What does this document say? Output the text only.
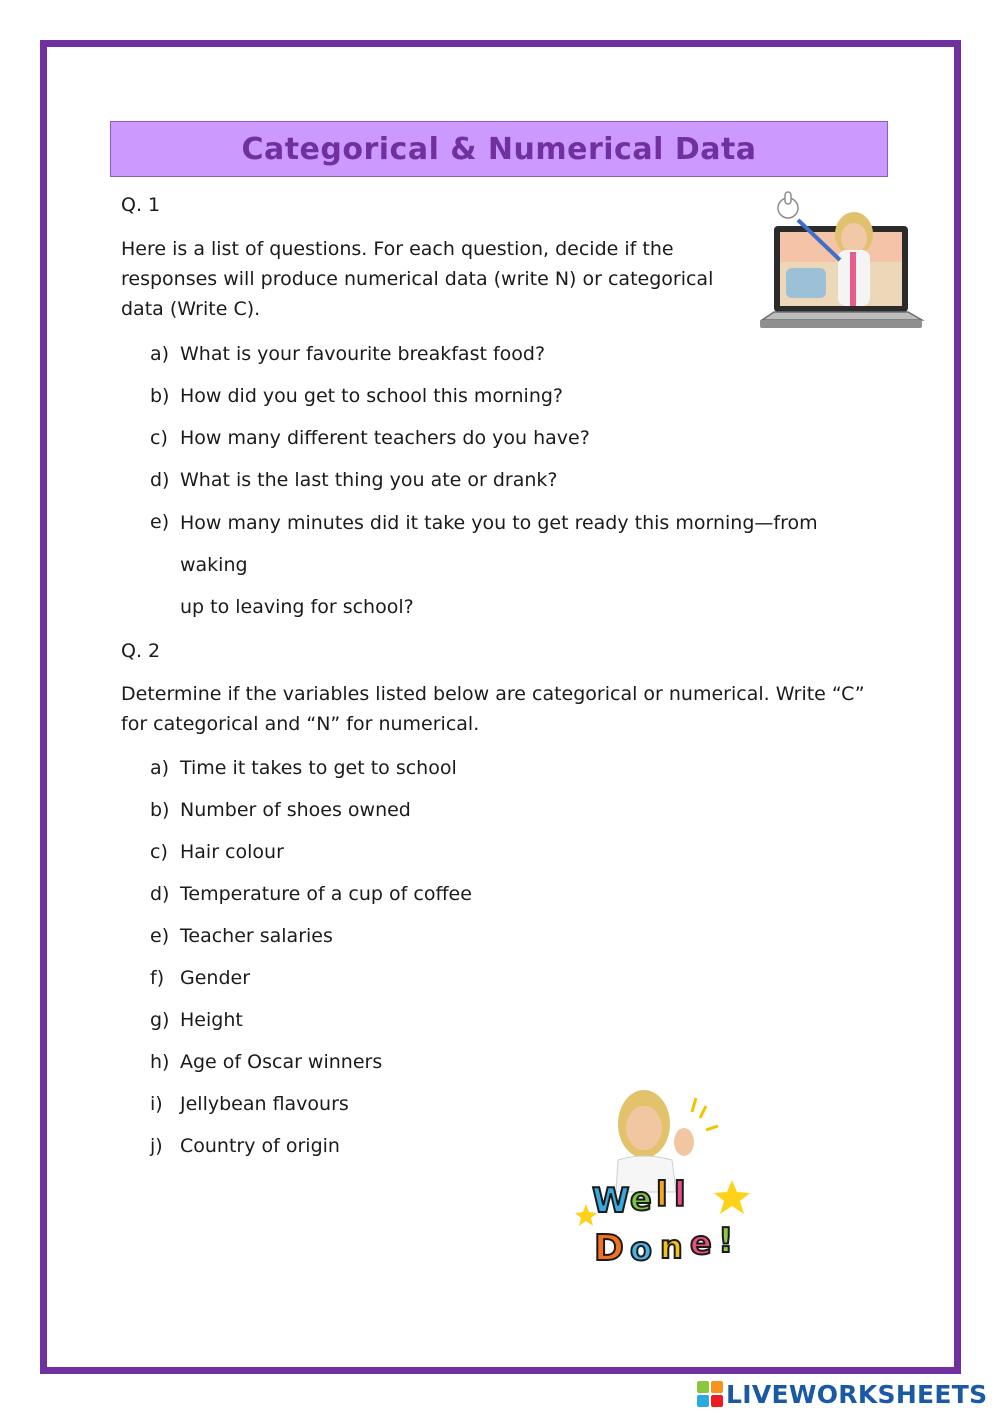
Categorical & Numerical Data
Q. 1
Here is a list of questions. For each question, decide if the
responses will produce numerical data (write N) or categorical
data (Write C).
a) What is your favourite breakfast food?
b) How did you get to school this morning?
c) How many different teachers do you have?
d) What is the last thing you ate or drank?
e) How many minutes did it take you to get ready this morning—from waking
up to leaving for school?
Q. 2
Determine if the variables listed below are categorical or numerical. Write “C”
for categorical and “N” for numerical.
a) Time it takes to get to school
b) Number of shoes owned
c) Hair colour
d) Temperature of a cup of coffee
e) Teacher salaries
f) Gender
g) Height
h) Age of Oscar winners
i) Jellybean flavours
j) Country of origin
W e l l
D o n e !
LIVEWORKSHEETS
